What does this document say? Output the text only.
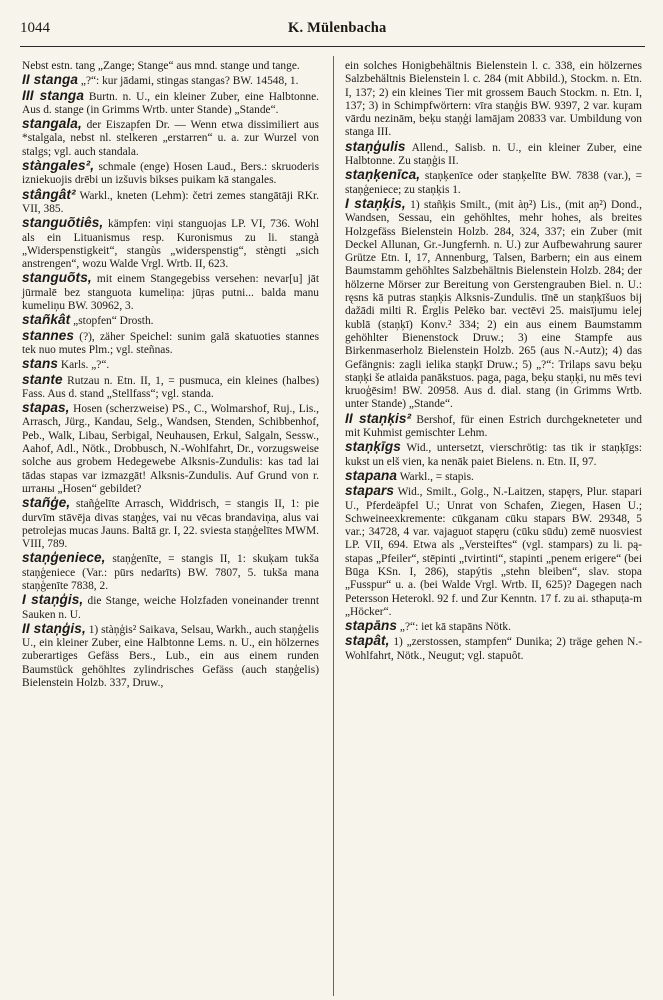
1044	K. Mülenbacha

Nebst estn. tang „Zange; Stange“ aus mnd. stange und tange.

II stanga „?“: kur jādami, stingas stangas? BW. 14548, 1.

III stanga Burtn. n. U., ein kleiner Zuber, eine Halbtonne. Aus d. stange (in Grimms Wrtb. unter Stande) „Stande“.

stangala, der Eiszapfen Dr. — Wenn etwa dissimiliert aus *stalgala, nebst nl. stelkeren „erstarren“ u. a. zur Wurzel von stalgs; vgl. auch standala.

stàngales², schmale (enge) Hosen Laud., Bers.: skruoderis izniekuojis drēbi un izšuvis bikses puikam kā stangales.

stângât² Warkl., kneten (Lehm): četri zemes stangātāji RKr. VII, 385.

stanguõtiês, kämpfen: viņi stanguojas LP. VI, 736. Wohl als ein Lituanismus resp. Kuronismus zu li. stangà „Widerspenstigkeit“, stangùs „widerspenstig“, stèngti „sich anstrengen“, wozu Walde Vrgl. Wrtb. II, 623.

stanguõts, mit einem Stangegebiss versehen: nevar[u] jāt jūrmalē bez stanguota kumeliņa: jūŗas putni... balda manu kumeliņu BW. 30962, 3.

stañkât „stopfen“ Drosth.

stannes (?), zäher Speichel: sunim galā skatuoties stannes tek nuo mutes Plm.; vgl. steñnas.

stans Karls. „?“.

stante Rutzau n. Etn. II, 1, = pusmuca, ein kleines (halbes) Fass. Aus d. stand „Stellfass“; vgl. standa.

stapas, Hosen (scherzweise) PS., C., Wolmarshof, Ruj., Lis., Arrasch, Jürg., Kandau, Selg., Wandsen, Stenden, Schibbenhof, Peb., Walk, Libau, Serbigal, Neuhausen, Erkul, Salgaln, Sessw., Aahof, Adl., Nötk., Drobbusch, N.-Wohlfahrt, Dr., vorzugsweise solche aus grobem Hedegewebe Alksnis-Zundulis: kas tad lai tādas stapas var izmazgāt! Alksnis-Zundulis. Auf Grund von r. штаны „Hosen“ gebildet?

stañģe, stañģelīte Arrasch, Widdrisch, = stangis II, 1: pie durvīm stāvēja divas staņģes, vai nu vēcas brandaviņa, alus vai petrolejas mucas Jauns. Baltā gr. I, 22. sviesta staņģelītes MWM. VIII, 789.

staņģeniece, staņģenīte, = stangis II, 1: skuķam tukša staņģeniece (Var.: pūrs nedarīts) BW. 7807, 5. tukša mana staņģenīte 7838, 2.

I staņģis, die Stange, weiche Holzfaden voneinander trennt Sauken n. U.

II staņģis, 1) stàņģis² Saikava, Selsau, Warkh., auch staņģelis U., ein kleiner Zuber, eine Halbtonne Lems. n. U., ein hölzernes zuberartiges Gefäss Bers., Lub., ein aus einem runden Baumstück gehöhltes zylindrisches Gefäss (auch staņģelis) Bielenstein Holzb. 337, Druw.,

ein solches Honigbehältnis Bielenstein l. c. 338, ein hölzernes Salzbehältnis Bielenstein l. c. 284 (mit Abbild.), Stockm. n. Etn. I, 137; 2) ein kleines Tier mit grossem Bauch Stockm. n. Etn. I, 137; 3) in Schimpfwörtern: vīra staņģis BW. 9397, 2 var. kuŗam vārdu nezinām, beķu staņģi lamājam 20833 var. Umbildung von stanga III.

staņģulis Allend., Salisb. n. U., ein kleiner Zuber, eine Halbtonne. Zu staņģis II.

staņķenīca, staņķenīce oder staņķelīte BW. 7838 (var.), = staņģeniece; zu staņķis 1.

I staņķis, 1) stañķis Smilt., (mit àņ²) Lis., (mit aņ²) Dond., Wandsen, Sessau, ein gehöhltes, mehr hohes, als breites Holzgefäss Bielenstein Holzb. 284, 324, 337; ein Zuber (mit Deckel Allunan, Gr.-Jungfernh. n. U.) zur Aufbewahrung saurer Grütze Etn. I, 17, Annenburg, Talsen, Barbern; ein aus einem Baumstamm gehöhltes Salzbehältnis Bielenstein Holzb. 284; der hölzerne Mörser zur Bereitung von Gerstengrauben Biel. n. U.: ręsns kā putras staņķis Alksnis-Zundulis. tīnē un staņķīšuos bij dažādi milti R. Ērglis Pelēko bar. vectēvi 25. maisījumu ielej kublā (staņķī) Konv.² 334; 2) ein aus einem Baumstamm gehöhlter Bienenstock Druw.; 3) eine Stampfe aus Birkenmaserholz Bielenstein Holzb. 265 (aus N.-Autz); 4) das Gefängnis: zagli ielika staņķī Druw.; 5) „?“: Trilaps savu beķu staņķi še atlaida panākstuos. paga, paga, beķu staņķi, nu mēs tevi kruoģēsim! BW. 20958. Aus d. dial. stang (in Grimms Wrtb. unter Stande) „Stande“.

II staņķis² Bershof, für einen Estrich durchgekneteter und mit Kuhmist gemischter Lehm.

staņķīgs Wid., untersetzt, vierschrötig: tas tik ir staņķīgs: kukst un elš vien, ka nenāk paiet Bielens. n. Etn. II, 97.

stapana Warkl., = stapis.

stapars Wid., Smilt., Golg., N.-Laitzen, stapęrs, Plur. stapari U., Pferdeäpfel U.; Unrat von Schafen, Ziegen, Hasen U.; Schweineexkremente: cūkganam cūku stapars BW. 29348, 5 var.; 34728, 4 var. vajaguot stapęru (cūku sūdu) zemē nuosviest LP. VII, 694. Etwa als „Versteiftes“ (vgl. stampars) zu li. pą-stapas „Pfeiler“, stēpinti „tvirtinti“, stapinti „penem erigere“ (bei Būga KSn. I, 286), stapýtis „stehn bleiben“, slav. stopa „Fusspur“ u. a. (bei Walde Vrgl. Wrtb. II, 625)? Dagegen nach Petersson Heterokl. 92 f. und Zur Kenntn. 17 f. zu ai. sthapuṭa-m „Höcker“.

stapāns „?“: iet kā stapāns Nötk.

stapât, 1) „zerstossen, stampfen“ Dunika; 2) träge gehen N.-Wohlfahrt, Nötk., Neugut; vgl. stapuôt.
